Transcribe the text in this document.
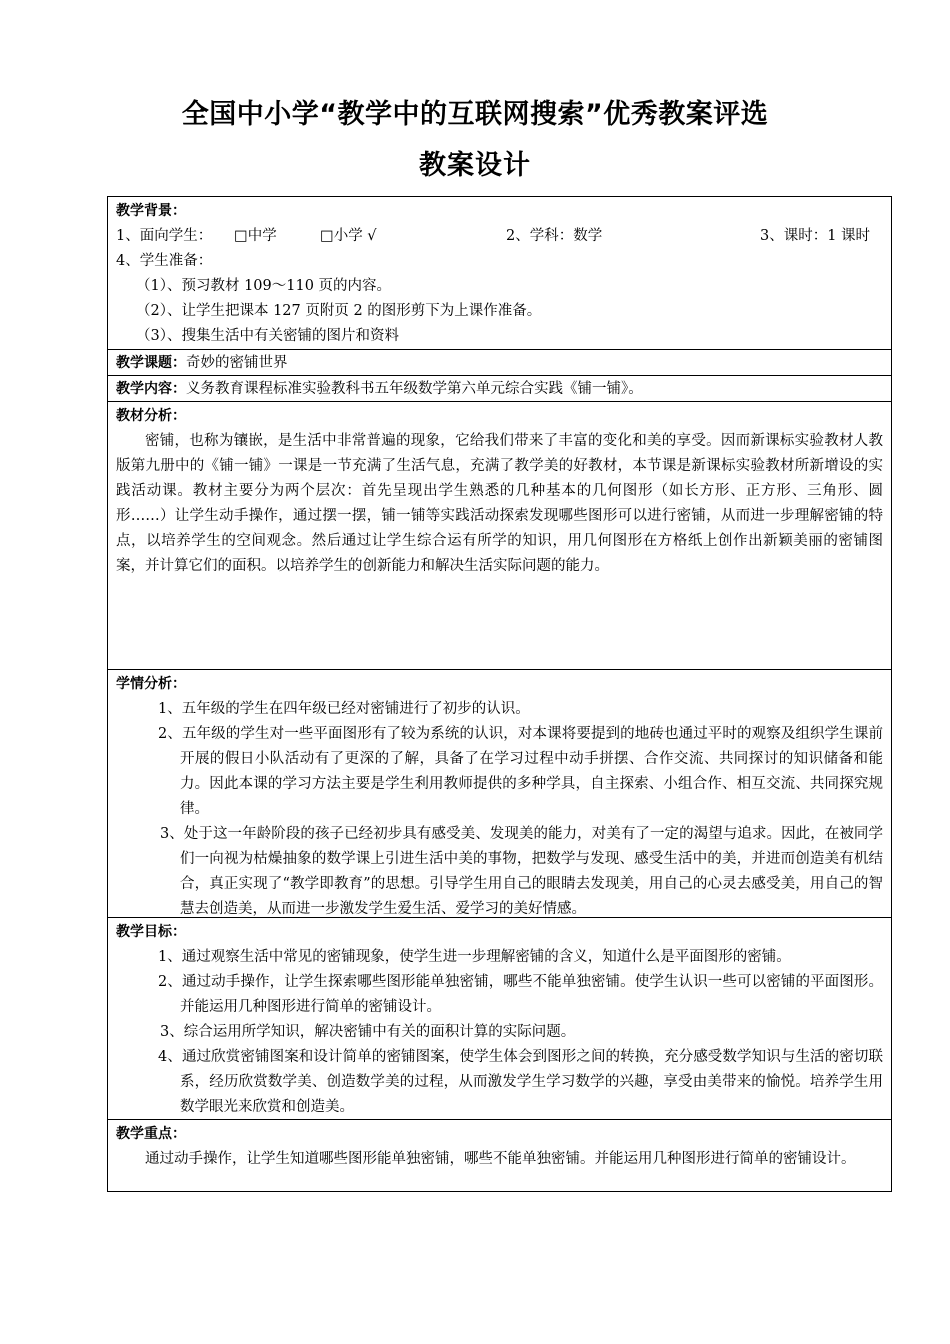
全国中小学“教学中的互联网搜索”优秀教案评选
教案设计
教学背景：
1、面向学生：	□中学	□小学 √	2、学科：数学	3、课时：1 课时
4、学生准备：
（1）、预习教材 109～110 页的内容。
（2）、让学生把课本 127 页附页 2 的图形剪下为上课作准备。
（3）、搜集生活中有关密铺的图片和资料
教学课题：奇妙的密铺世界
教学内容：义务教育课程标准实验教科书五年级数学第六单元综合实践《铺一铺》。
教材分析：
密铺，也称为镶嵌，是生活中非常普遍的现象，它给我们带来了丰富的变化和美的享受。因而新课标实验教材人教版第九册中的《铺一铺》一课是一节充满了生活气息，充满了教学美的好教材，本节课是新课标实验教材所新增设的实践活动课。教材主要分为两个层次：首先呈现出学生熟悉的几种基本的几何图形（如长方形、正方形、三角形、圆形……）让学生动手操作，通过摆一摆，铺一铺等实践活动探索发现哪些图形可以进行密铺，从而进一步理解密铺的特点，以培养学生的空间观念。然后通过让学生综合运有所学的知识，用几何图形在方格纸上创作出新颖美丽的密铺图案，并计算它们的面积。以培养学生的创新能力和解决生活实际问题的能力。
学情分析：
1、五年级的学生在四年级已经对密铺进行了初步的认识。
2、五年级的学生对一些平面图形有了较为系统的认识，对本课将要提到的地砖也通过平时的观察及组织学生课前开展的假日小队活动有了更深的了解，具备了在学习过程中动手拼摆、合作交流、共同探讨的知识储备和能力。因此本课的学习方法主要是学生利用教师提供的多种学具，自主探索、小组合作、相互交流、共同探究规律。
3、处于这一年龄阶段的孩子已经初步具有感受美、发现美的能力，对美有了一定的渴望与追求。因此，在被同学们一向视为枯燥抽象的数学课上引进生活中美的事物，把数学与发现、感受生活中的美，并进而创造美有机结合，真正实现了“教学即教育”的思想。引导学生用自己的眼睛去发现美，用自己的心灵去感受美，用自己的智慧去创造美，从而进一步激发学生爱生活、爱学习的美好情感。
教学目标：
1、通过观察生活中常见的密铺现象，使学生进一步理解密铺的含义，知道什么是平面图形的密铺。
2、通过动手操作，让学生探索哪些图形能单独密铺，哪些不能单独密铺。使学生认识一些可以密铺的平面图形。并能运用几种图形进行简单的密铺设计。
3、综合运用所学知识，解决密铺中有关的面积计算的实际问题。
4、通过欣赏密铺图案和设计简单的密铺图案，使学生体会到图形之间的转换，充分感受数学知识与生活的密切联系，经历欣赏数学美、创造数学美的过程，从而激发学生学习数学的兴趣，享受由美带来的愉悦。培养学生用数学眼光来欣赏和创造美。
教学重点：
通过动手操作，让学生知道哪些图形能单独密铺，哪些不能单独密铺。并能运用几种图形进行简单的密铺设计。
